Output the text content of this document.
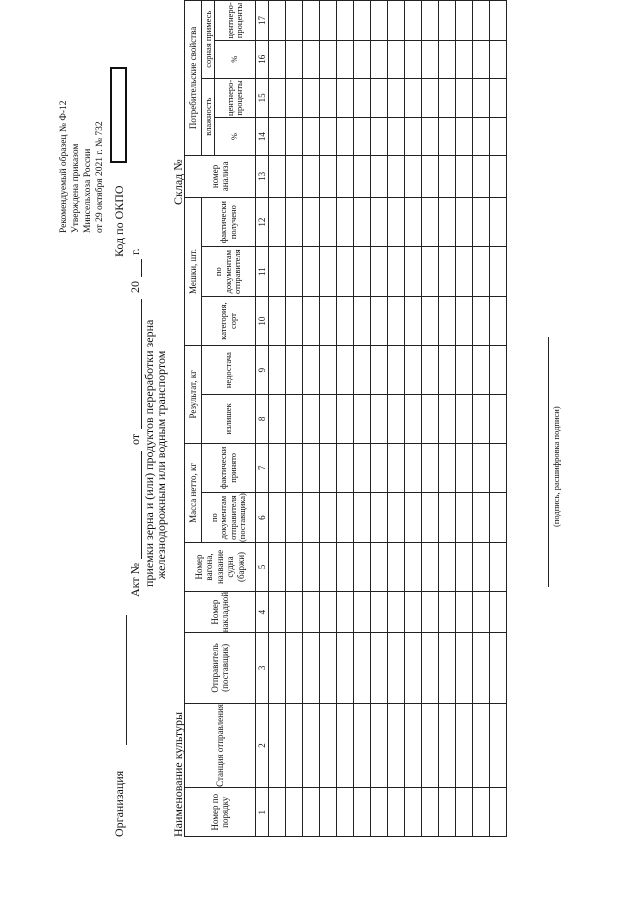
Рекомендуемый образец № Ф-12 Утверждена приказом Минсельхоза России от 29 октября 2021 г. № 732 Код по ОКПО
Организация
Акт №
от
20
г.
приемки зерна и (или) продуктов переработки зерна
железнодорожным или водным транспортом
Наименование культуры
Склад №
Номер по порядку	Станция отправления	Отправитель (поставщик)	Номер накладной	Номер вагона, название судна (баржи)	Масса нетто, кг		Результат, кг		Мешки, шт.			номер анализа	Потребительские свойства			
					по документам отправителя (поставщика)	фактически принято	излишек	недостача	категория, сорт	по документам отправителя	фактически получено		влажность		сорная примесь	
													%	центнеро-проценты	%	центнеро-проценты
1	2	3	4	5	6	7	8	9	10	11	12	13	14	15	16	17

(подпись, расшифровка подписи)
